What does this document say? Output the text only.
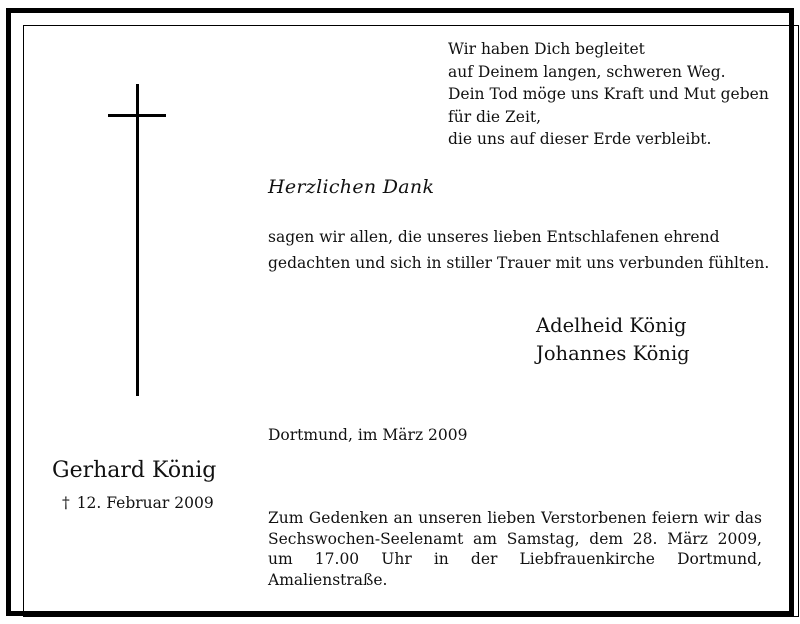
Wir haben Dich begleitet
auf Deinem langen, schweren Weg.
Dein Tod möge uns Kraft und Mut geben
für die Zeit,
die uns auf dieser Erde verbleibt.
Herzlichen Dank
sagen wir allen, die unseres lieben Entschlafenen ehrend
gedachten und sich in stiller Trauer mit uns verbunden fühlten.
Adelheid König
Johannes König
Dortmund, im März 2009
Gerhard König
† 12. Februar 2009
Zum Gedenken an unseren lieben Verstorbenen feiern wir das Sechswochen-Seelenamt am Samstag, dem 28. März 2009, um 17.00 Uhr in der Liebfrauenkirche Dortmund, Amalienstraße.
